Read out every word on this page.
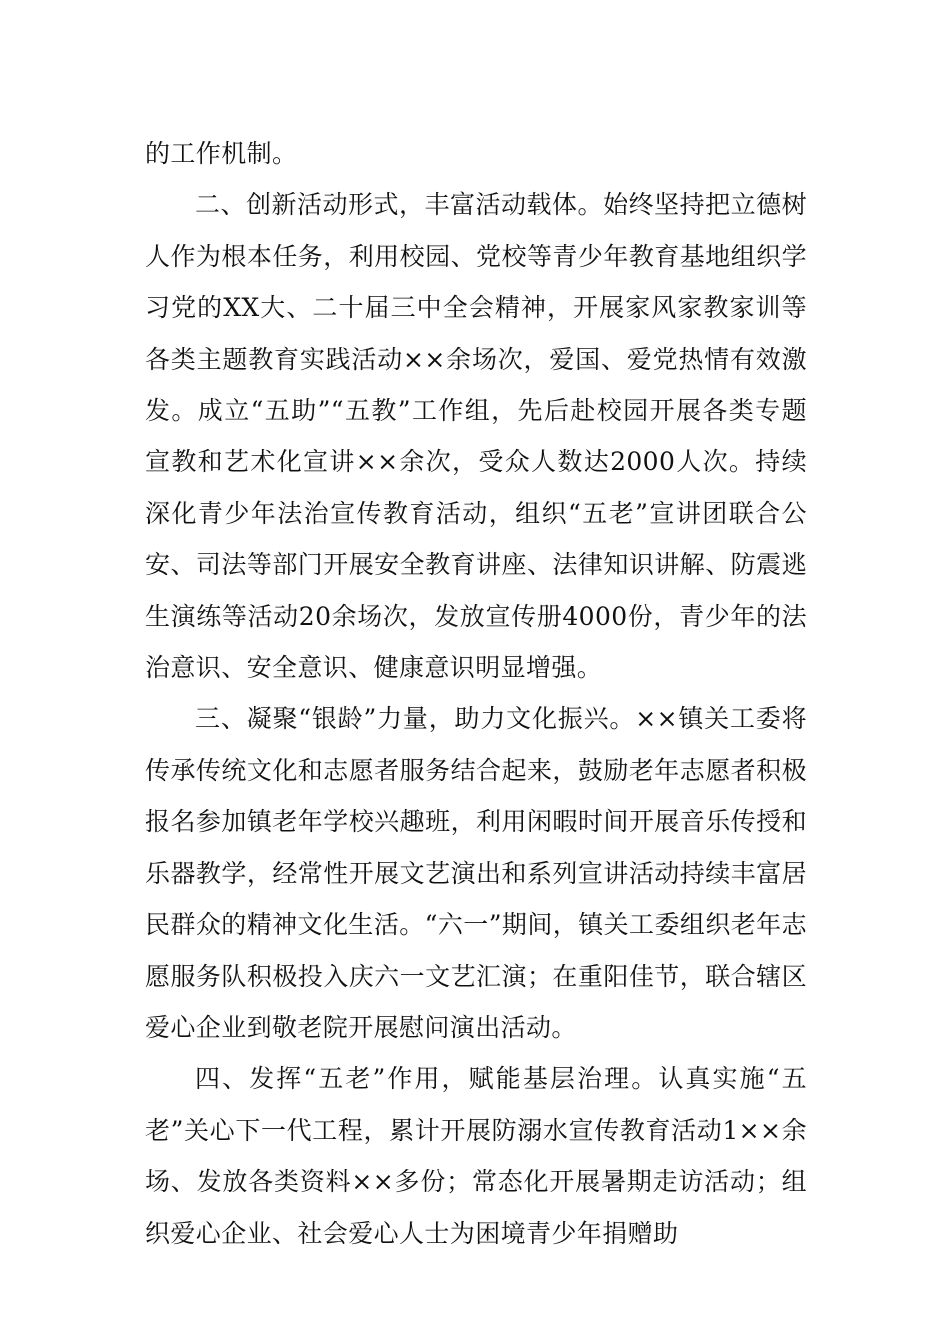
的工作机制。

二、创新活动形式，丰富活动载体。始终坚持把立德树人作为根本任务，利用校园、党校等青少年教育基地组织学习党的XX大、二十届三中全会精神，开展家风家教家训等各类主题教育实践活动××余场次，爱国、爱党热情有效激发。成立“五助”“五教”工作组，先后赴校园开展各类专题宣教和艺术化宣讲××余次，受众人数达2000人次。持续深化青少年法治宣传教育活动，组织“五老”宣讲团联合公安、司法等部门开展安全教育讲座、法律知识讲解、防震逃生演练等活动20余场次，发放宣传册4000份，青少年的法治意识、安全意识、健康意识明显增强。

三、凝聚“银龄”力量，助力文化振兴。××镇关工委将传承传统文化和志愿者服务结合起来，鼓励老年志愿者积极报名参加镇老年学校兴趣班，利用闲暇时间开展音乐传授和乐器教学，经常性开展文艺演出和系列宣讲活动持续丰富居民群众的精神文化生活。“六一”期间，镇关工委组织老年志愿服务队积极投入庆六一文艺汇演；在重阳佳节，联合辖区爱心企业到敬老院开展慰问演出活动。

四、发挥“五老”作用，赋能基层治理。认真实施“五老”关心下一代工程，累计开展防溺水宣传教育活动1××余场、发放各类资料××多份；常态化开展暑期走访活动；组织爱心企业、社会爱心人士为困境青少年捐赠助
